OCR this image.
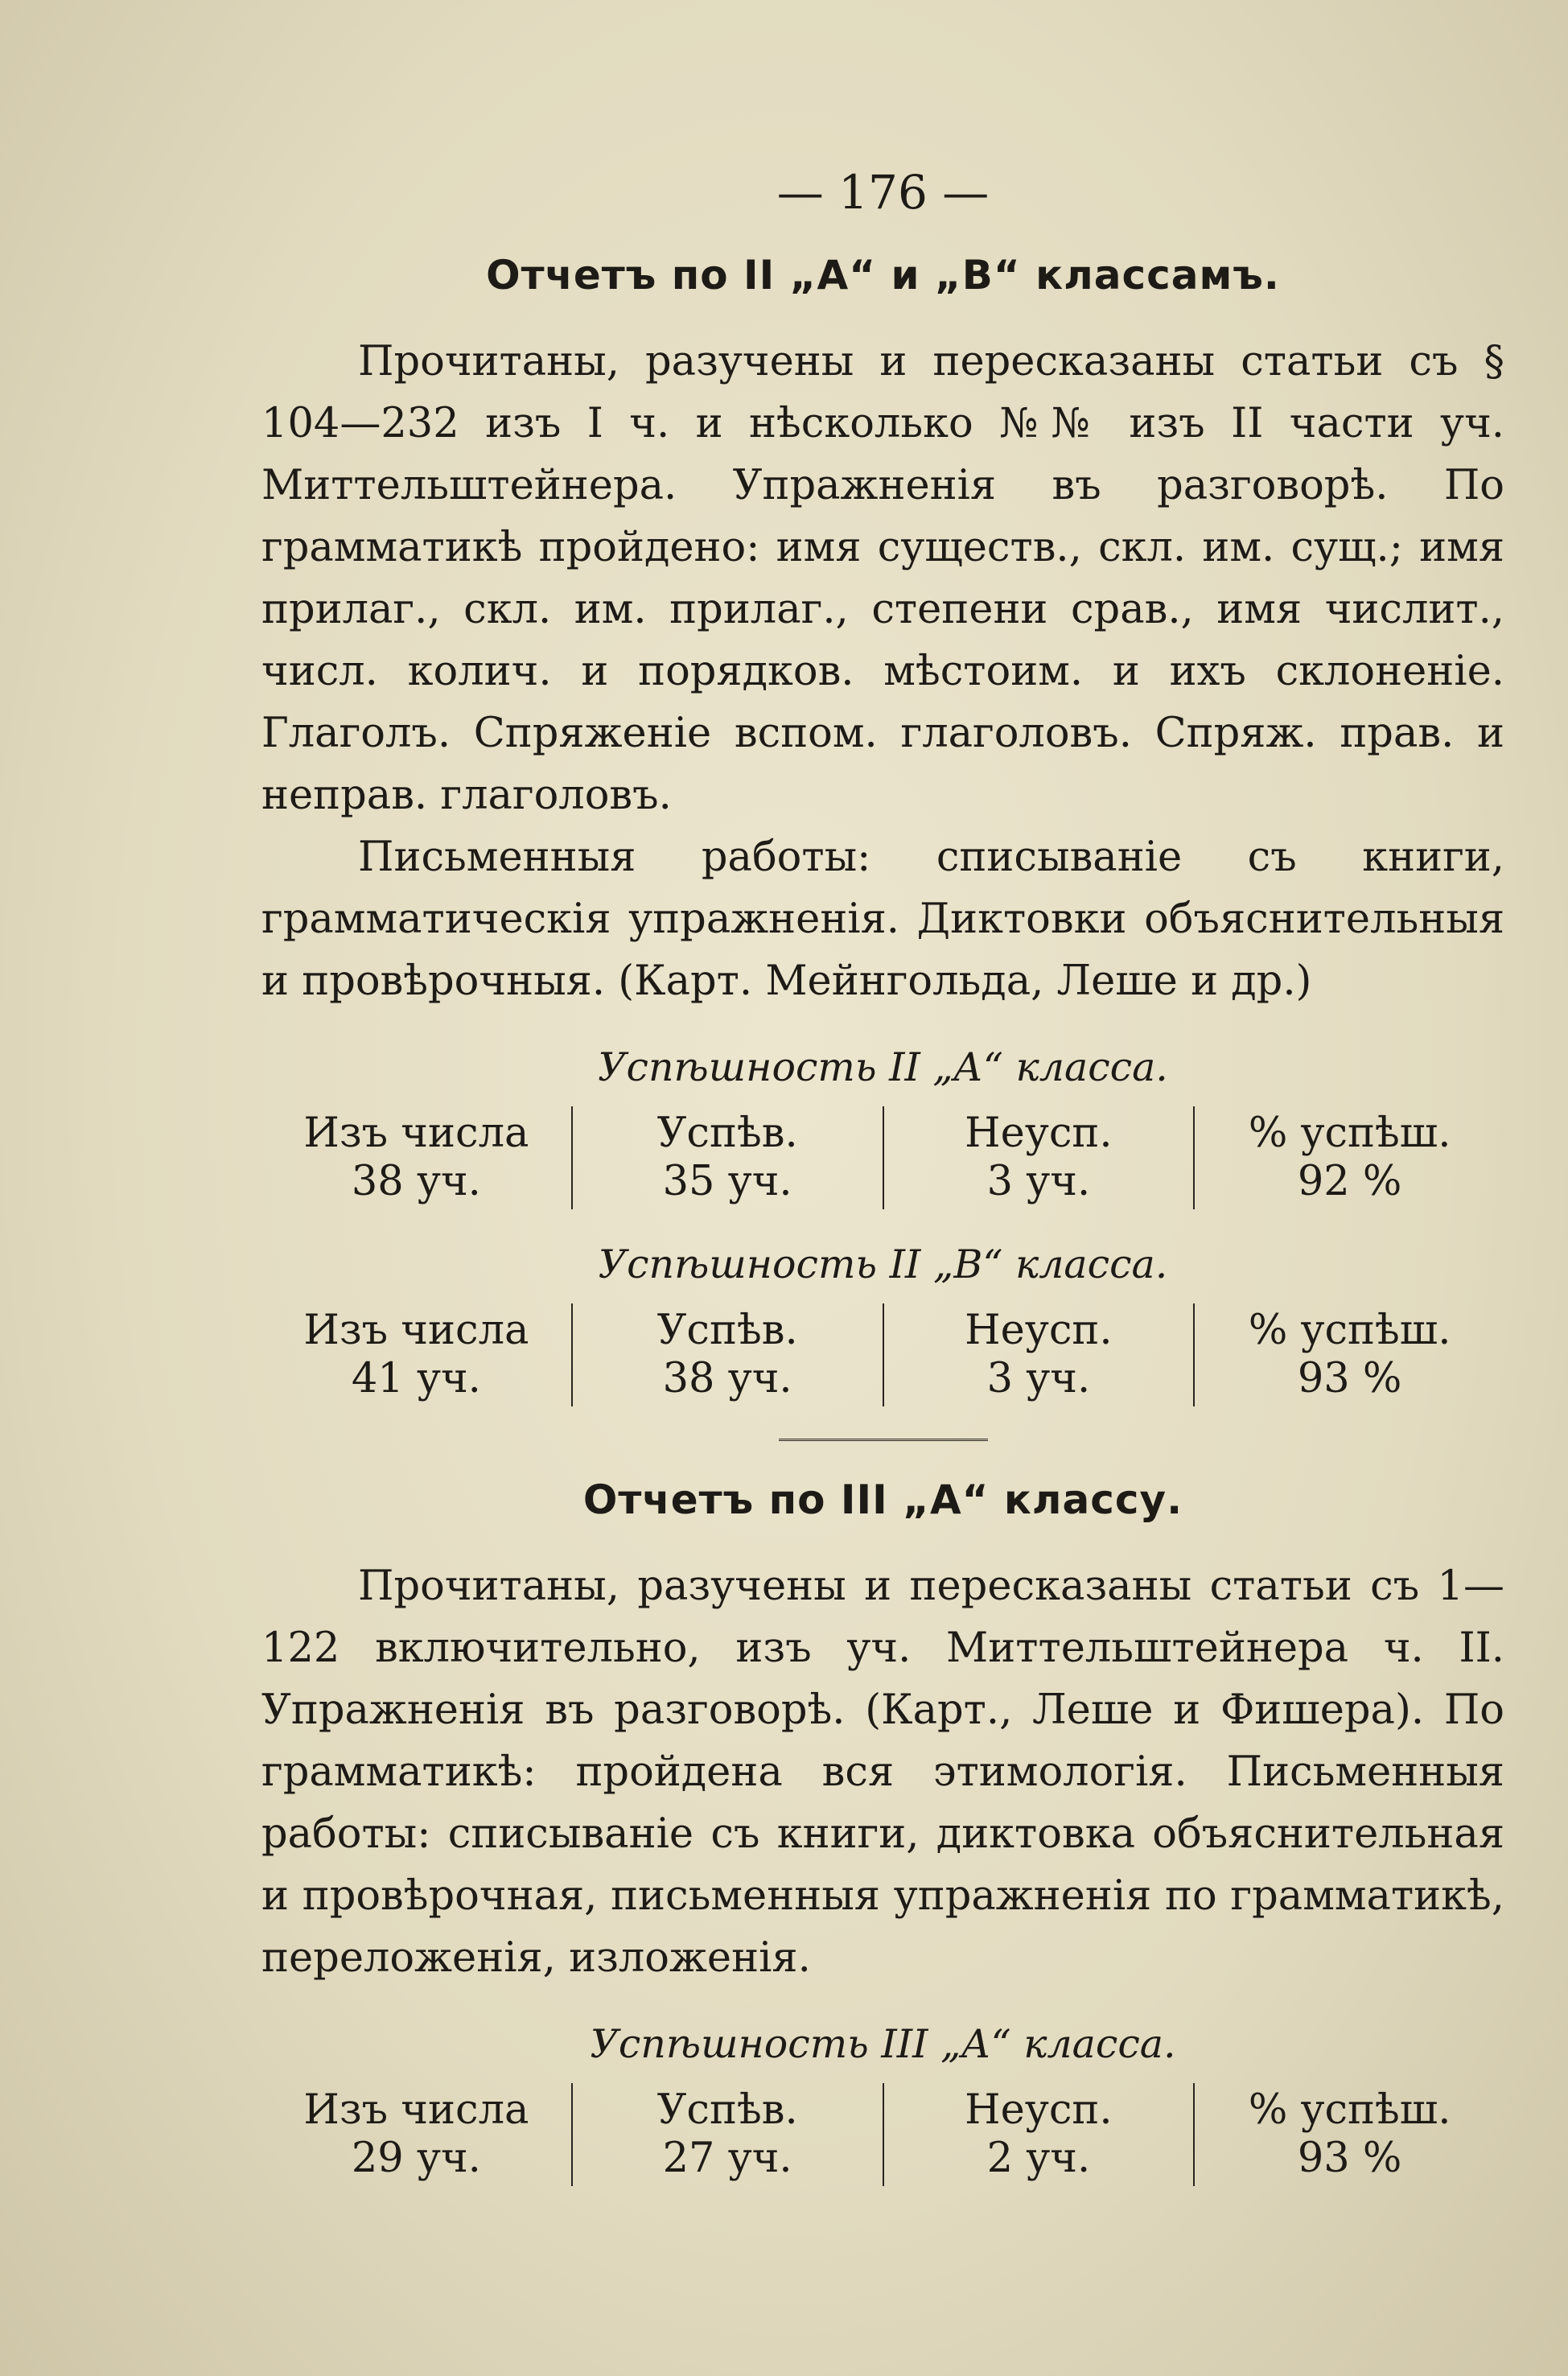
— 176 —
Отчетъ по II „А“ и „В“ классамъ.

Прочитаны, разучены и пересказаны статьи съ § 104—232 изъ I ч. и нѣсколько №№ изъ II части уч. Миттельштейнера. Упражненія въ разговорѣ. По грамматикѣ пройдено: имя существ., скл. им. сущ.; имя прилаг., скл. им. прилаг., степени срав., имя числит., числ. колич. и порядков. мѣстоим. и ихъ склоненіе. Глаголъ. Спряженіе вспом. глаголовъ. Спряж. прав. и неправ. глаголовъ.

Письменныя работы: списываніе съ книги, грамматическія упражненія. Диктовки объяснительныя и провѣрочныя. (Карт. Мейнгольда, Леше и др.)

Успѣшность II „А“ класса.
Изъ числа
38 уч.
Успѣв.
35 уч.
Неусп.
3 уч.
% успѣш.
92 %
Успѣшность II „В“ класса.
Изъ числа
41 уч.
Успѣв.
38 уч.
Неусп.
3 уч.
% успѣш.
93 %
Отчетъ по III „А“ классу.

Прочитаны, разучены и пересказаны статьи съ 1—122 включительно, изъ уч. Миттельштейнера ч. II. Упражненія въ разговорѣ. (Карт., Леше и Фишера). По грамматикѣ: пройдена вся этимологія. Письменныя работы: списываніе съ книги, диктовка объяснительная и провѣрочная, письменныя упражненія по грамматикѣ, переложенія, изложенія.

Успѣшность III „А“ класса.
Изъ числа
29 уч.
Успѣв.
27 уч.
Неусп.
2 уч.
% успѣш.
93 %
